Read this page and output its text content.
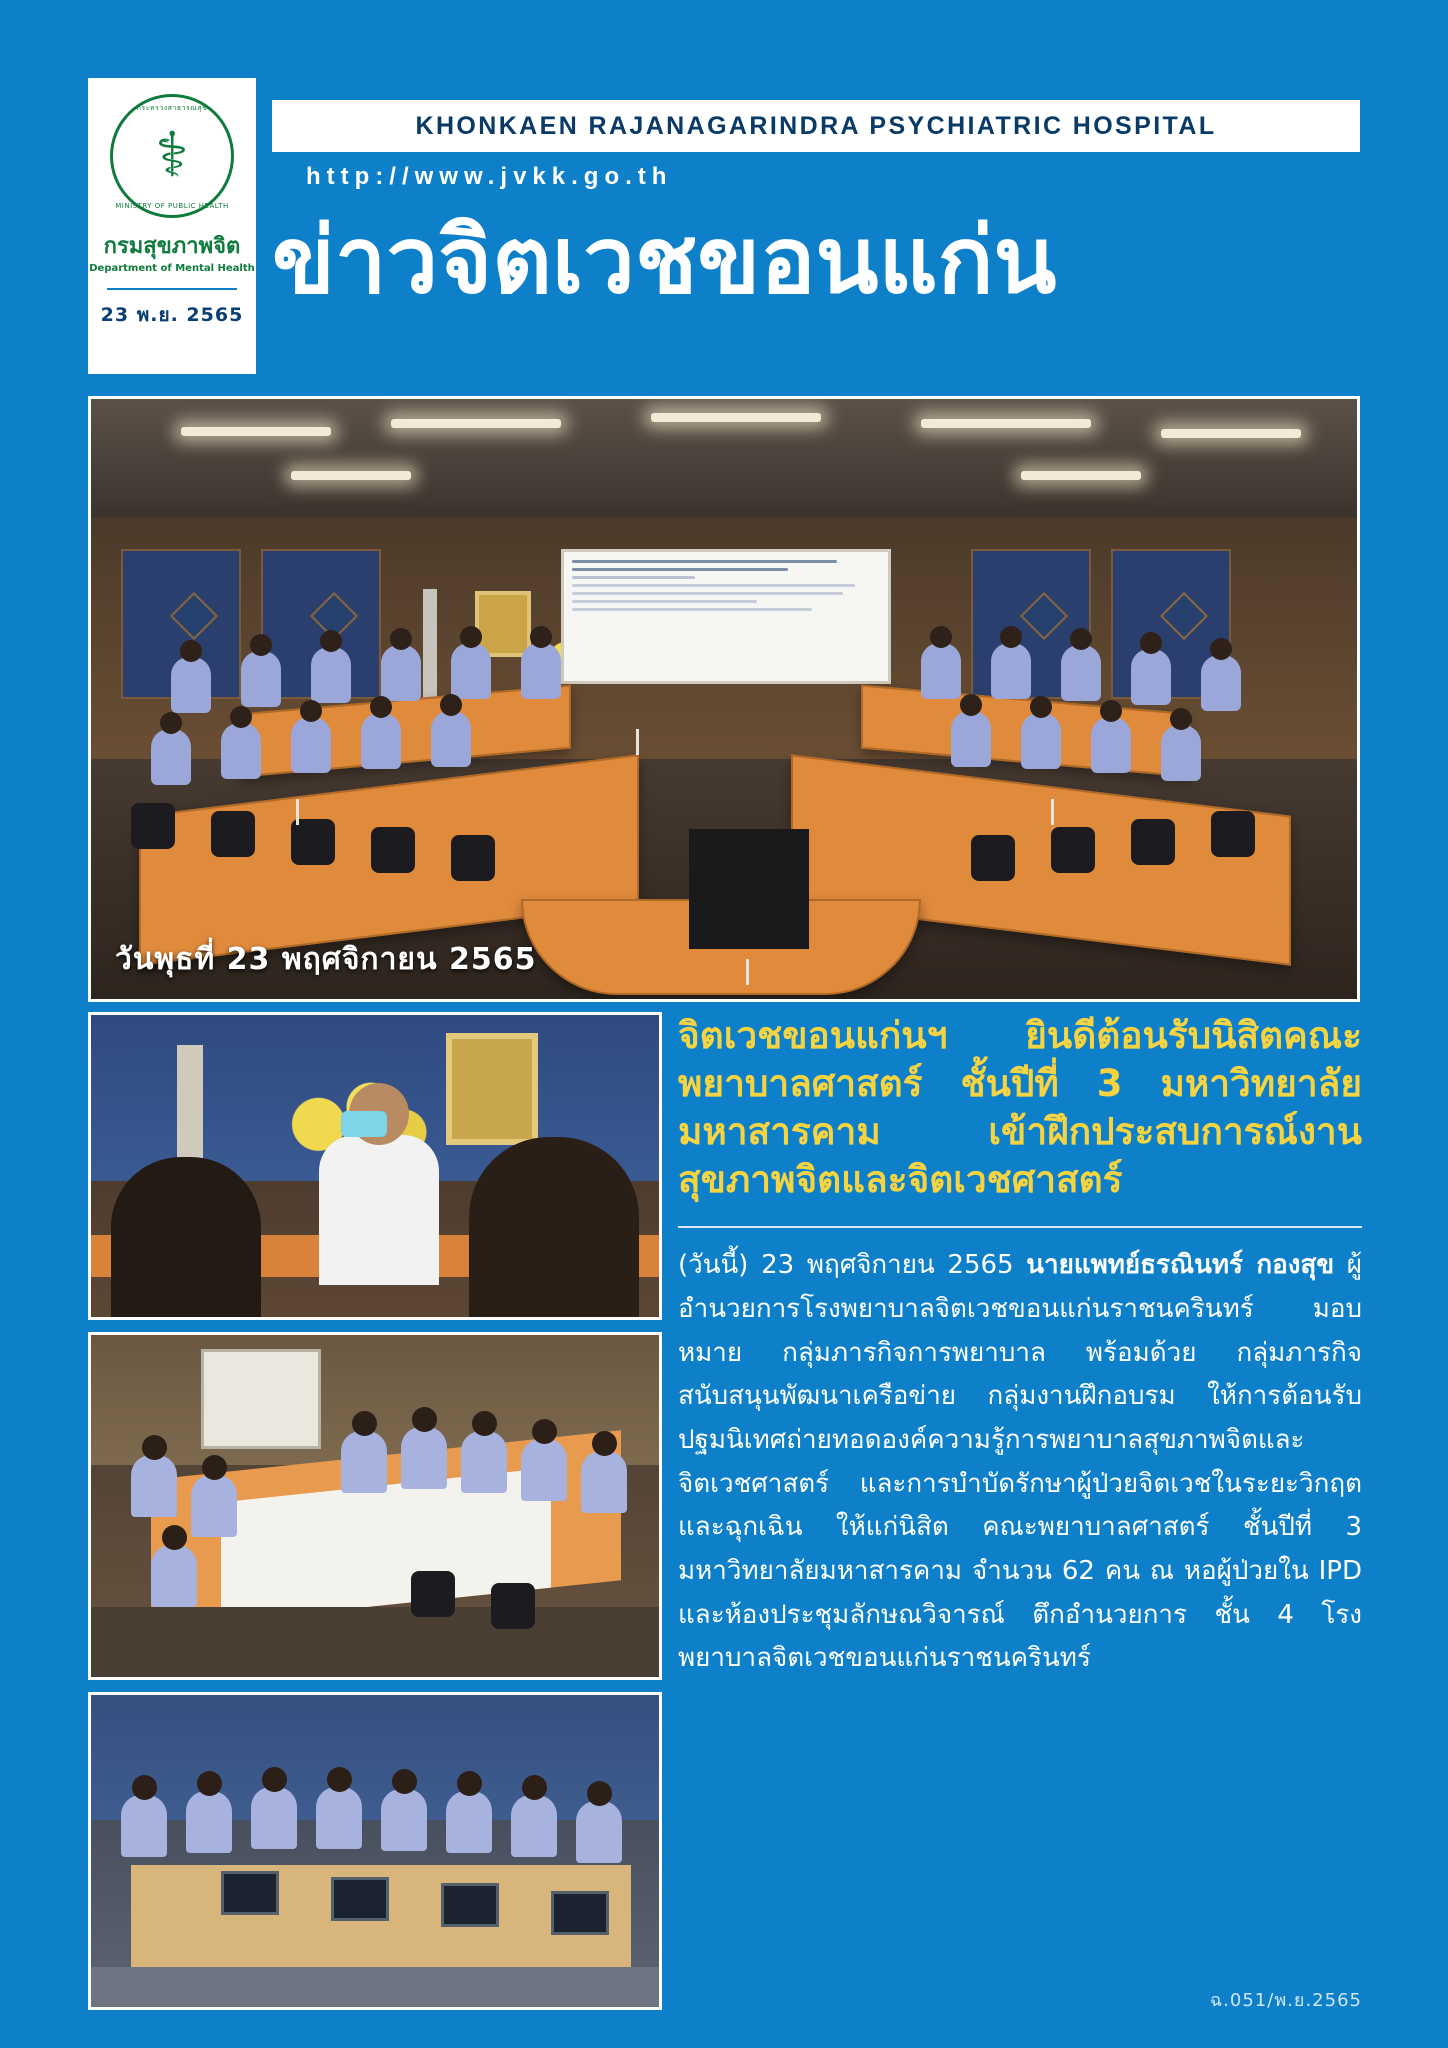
กระทรวงสาธารณสุข
⚕
MINISTRY OF PUBLIC HEALTH
กรมสุขภาพจิต
Department of Mental Health
23 พ.ย. 2565
KHONKAEN RAJANAGARINDRA PSYCHIATRIC HOSPITAL
http://www.jvkk.go.th
ข่าวจิตเวชขอนแก่น
วันพุธที่ 23 พฤศจิกายน 2565
จิตเวชขอนแก่นฯ ยินดีต้อนรับนิสิตคณะพยาบาลศาสตร์ ชั้นปีที่ 3 มหาวิทยาลัยมหาสารคาม เข้าฝึกประสบการณ์งานสุขภาพจิตและจิตเวชศาสตร์
(วันนี้) 23 พฤศจิกายน 2565 นายแพทย์ธรณินทร์ กองสุข ผู้อำนวยการโรงพยาบาลจิตเวชขอนแก่นราชนครินทร์ มอบหมาย กลุ่มภารกิจการพยาบาล พร้อมด้วย กลุ่มภารกิจสนับสนุนพัฒนาเครือข่าย กลุ่มงานฝึกอบรม ให้การต้อนรับปฐมนิเทศถ่ายทอดองค์ความรู้การพยาบาลสุขภาพจิตและจิตเวชศาสตร์ และการบำบัดรักษาผู้ป่วยจิตเวชในระยะวิกฤตและฉุกเฉิน ให้แก่นิสิต คณะพยาบาลศาสตร์ ชั้นปีที่ 3 มหาวิทยาลัยมหาสารคาม จำนวน 62 คน ณ หอผู้ป่วยใน IPD และห้องประชุมลักษณวิจารณ์ ตึกอำนวยการ ชั้น 4 โรงพยาบาลจิตเวชขอนแก่นราชนครินทร์
ฉ.051/พ.ย.2565
